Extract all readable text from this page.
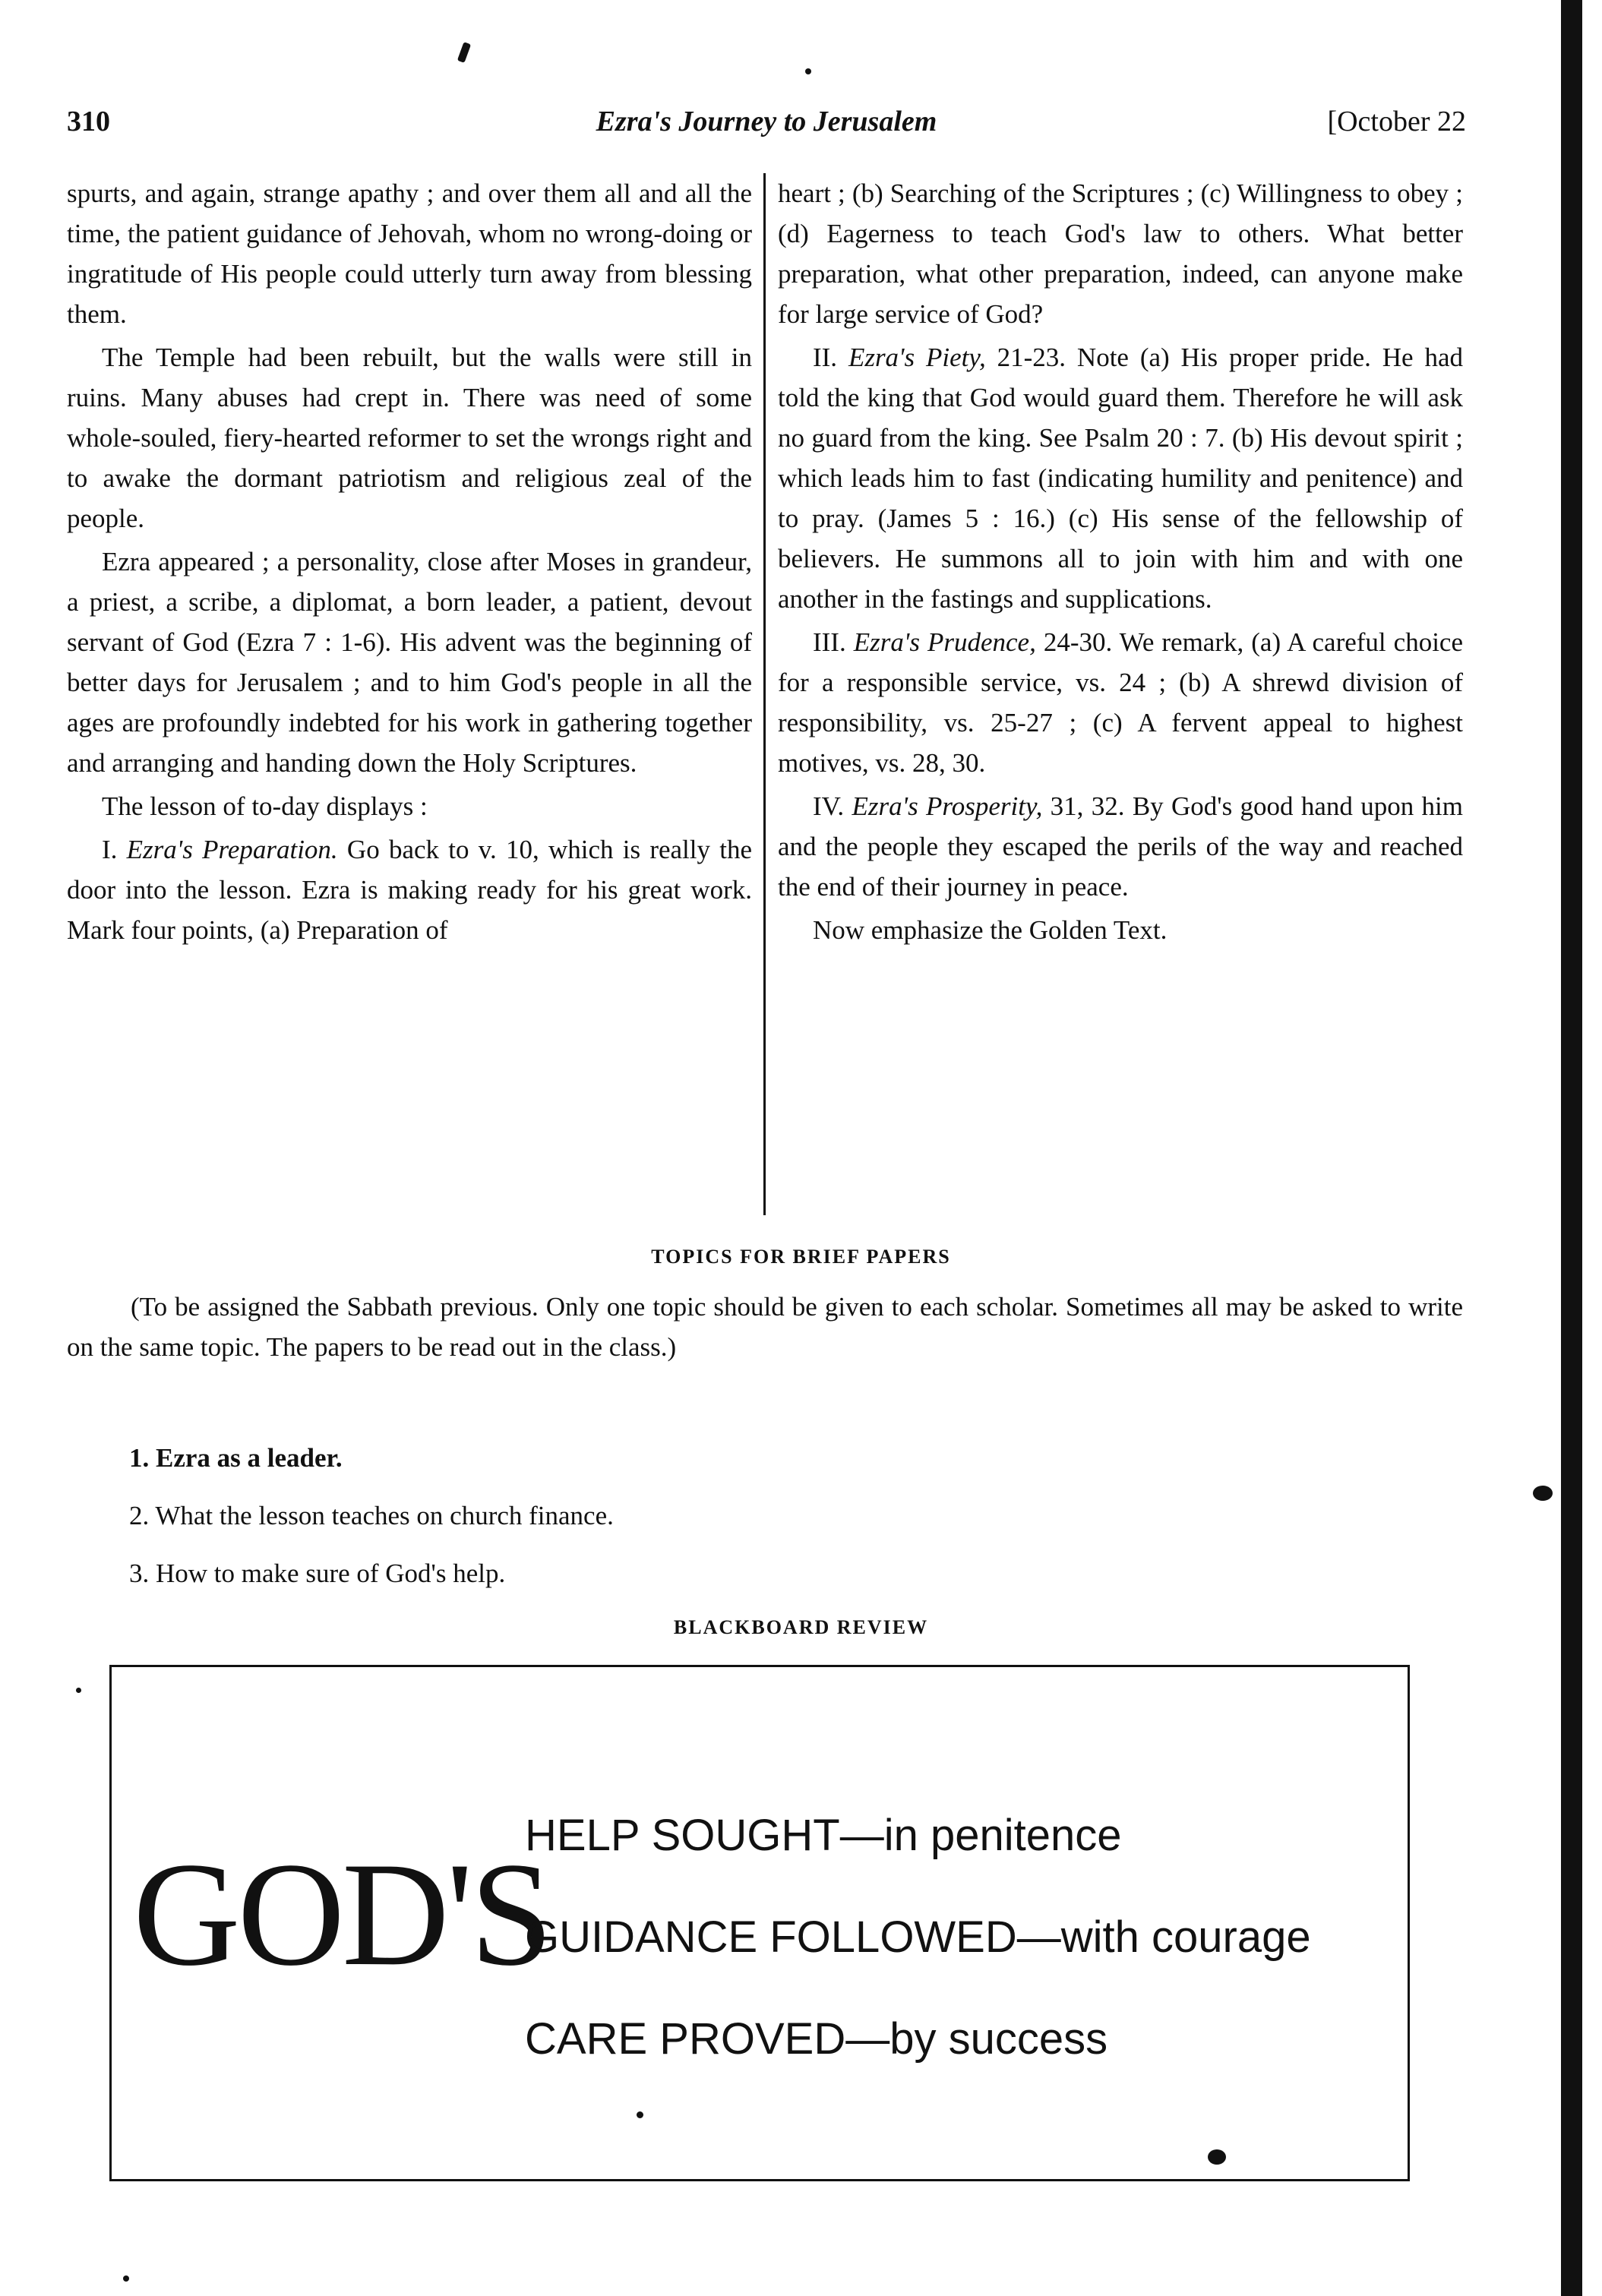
310	Ezra's Journey to Jerusalem	[October 22

spurts, and again, strange apathy ; and over them all and all the time, the patient guidance of Jehovah, whom no wrong-doing or ingratitude of His people could utterly turn away from blessing them.

The Temple had been rebuilt, but the walls were still in ruins. Many abuses had crept in. There was need of some whole-souled, fiery-hearted reformer to set the wrongs right and to awake the dormant patriotism and religious zeal of the people.

Ezra appeared ; a personality, close after Moses in grandeur, a priest, a scribe, a diplomat, a born leader, a patient, devout servant of God (Ezra 7 : 1-6). His advent was the beginning of better days for Jerusalem ; and to him God's people in all the ages are profoundly indebted for his work in gathering together and arranging and handing down the Holy Scriptures.

The lesson of to-day displays :

I. Ezra's Preparation. Go back to v. 10, which is really the door into the lesson. Ezra is making ready for his great work. Mark four points, (a) Preparation of

heart ; (b) Searching of the Scriptures ; (c) Willingness to obey ; (d) Eagerness to teach God's law to others. What better preparation, what other preparation, indeed, can anyone make for large service of God?

II. Ezra's Piety, 21-23. Note (a) His proper pride. He had told the king that God would guard them. Therefore he will ask no guard from the king. See Psalm 20 : 7. (b) His devout spirit ; which leads him to fast (indicating humility and penitence) and to pray. (James 5 : 16.) (c) His sense of the fellowship of believers. He summons all to join with him and with one another in the fastings and supplications.

III. Ezra's Prudence, 24-30. We remark, (a) A careful choice for a responsible service, vs. 24 ; (b) A shrewd division of responsibility, vs. 25-27 ; (c) A fervent appeal to highest motives, vs. 28, 30.

IV. Ezra's Prosperity, 31, 32. By God's good hand upon him and the people they escaped the perils of the way and reached the end of their journey in peace.

Now emphasize the Golden Text.

TOPICS FOR BRIEF PAPERS
(To be assigned the Sabbath previous. Only one topic should be given to each scholar. Sometimes all may be asked to write on the same topic. The papers to be read out in the class.)
1. Ezra as a leader.
2. What the lesson teaches on church finance.
3. How to make sure of God's help.
BLACKBOARD REVIEW
GOD'S
HELP SOUGHT—in penitence
GUIDANCE FOLLOWED—with courage
CARE PROVED—by success
